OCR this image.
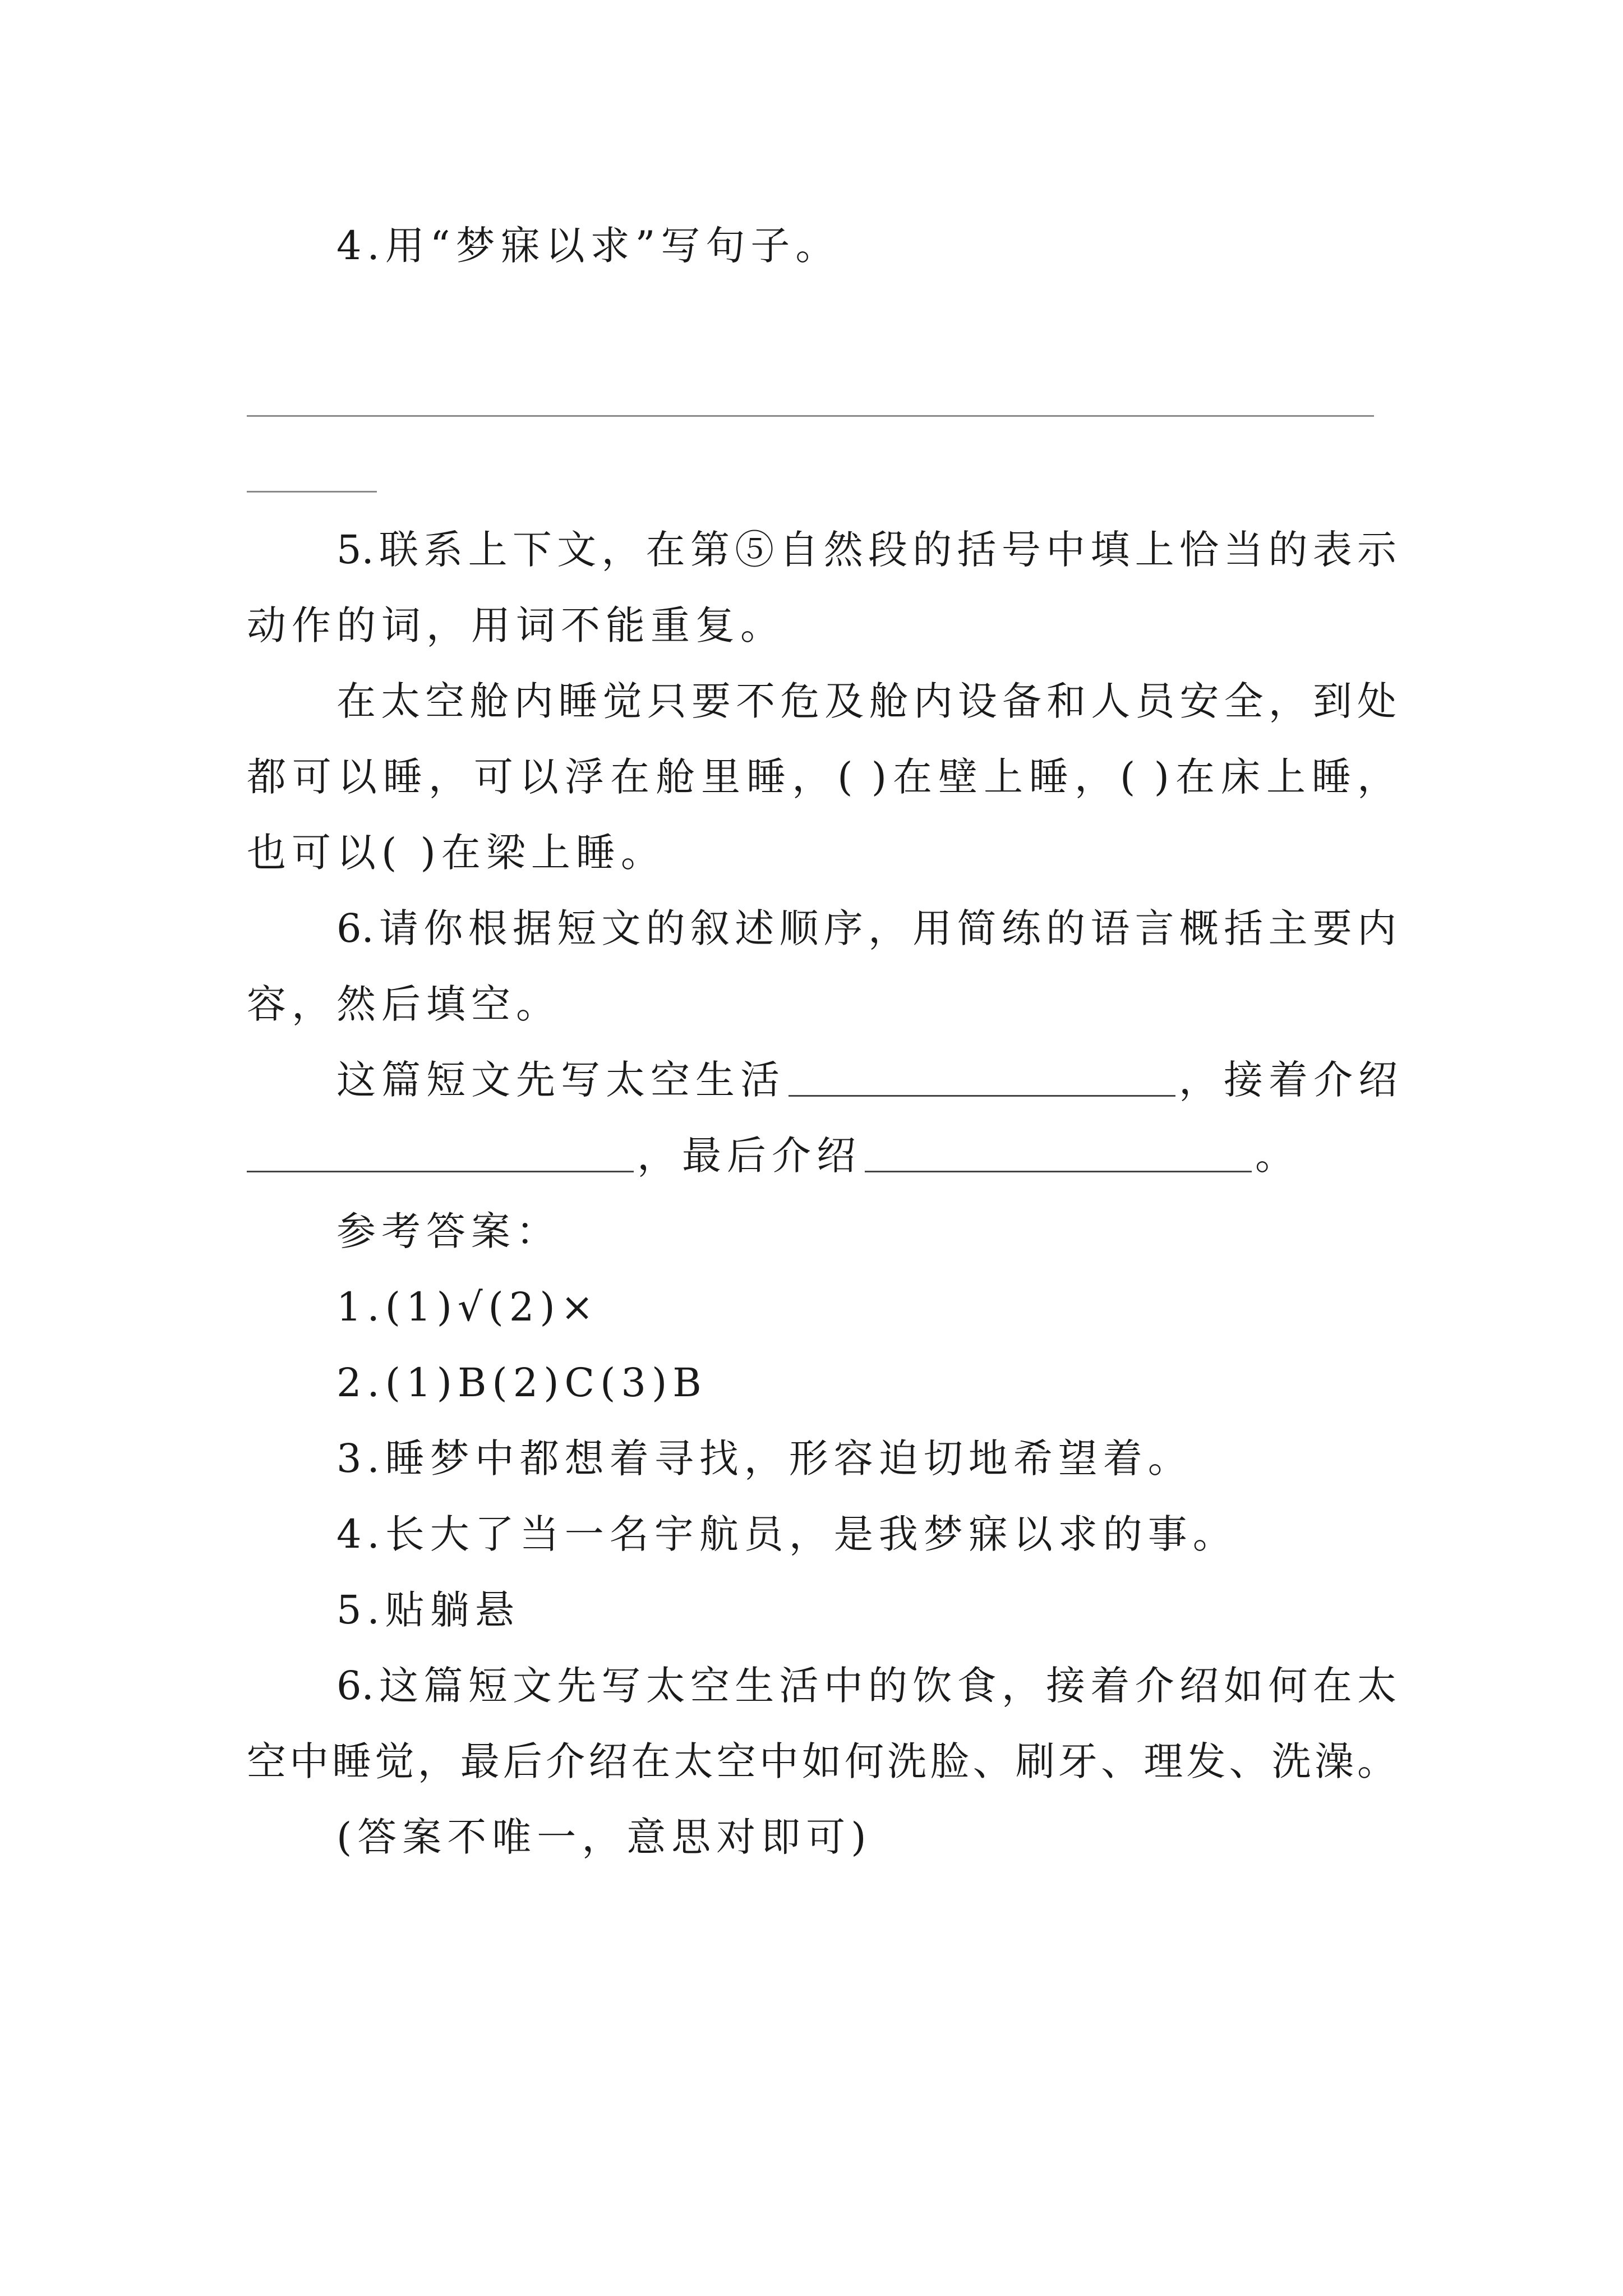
4.用“梦寐以求”写句子。
5.联系上下文，在第⑤自然段的括号中填上恰当的表示
动作的词，用词不能重复。
在太空舱内睡觉只要不危及舱内设备和人员安全，到处
都可以睡，可以浮在舱里睡，( )在壁上睡，( )在床上睡，
也可以( )在梁上睡。
6.请你根据短文的叙述顺序，用简练的语言概括主要内
容，然后填空。
这篇短文先写太空生活	，接着介绍
，最后介绍	。
参考答案：
1.(1)√(2)×
2.(1)B(2)C(3)B
3.睡梦中都想着寻找，形容迫切地希望着。
4.长大了当一名宇航员，是我梦寐以求的事。
5.贴躺悬
6.这篇短文先写太空生活中的饮食，接着介绍如何在太
空中睡觉，最后介绍在太空中如何洗脸、刷牙、理发、洗澡。
(答案不唯一，意思对即可)
